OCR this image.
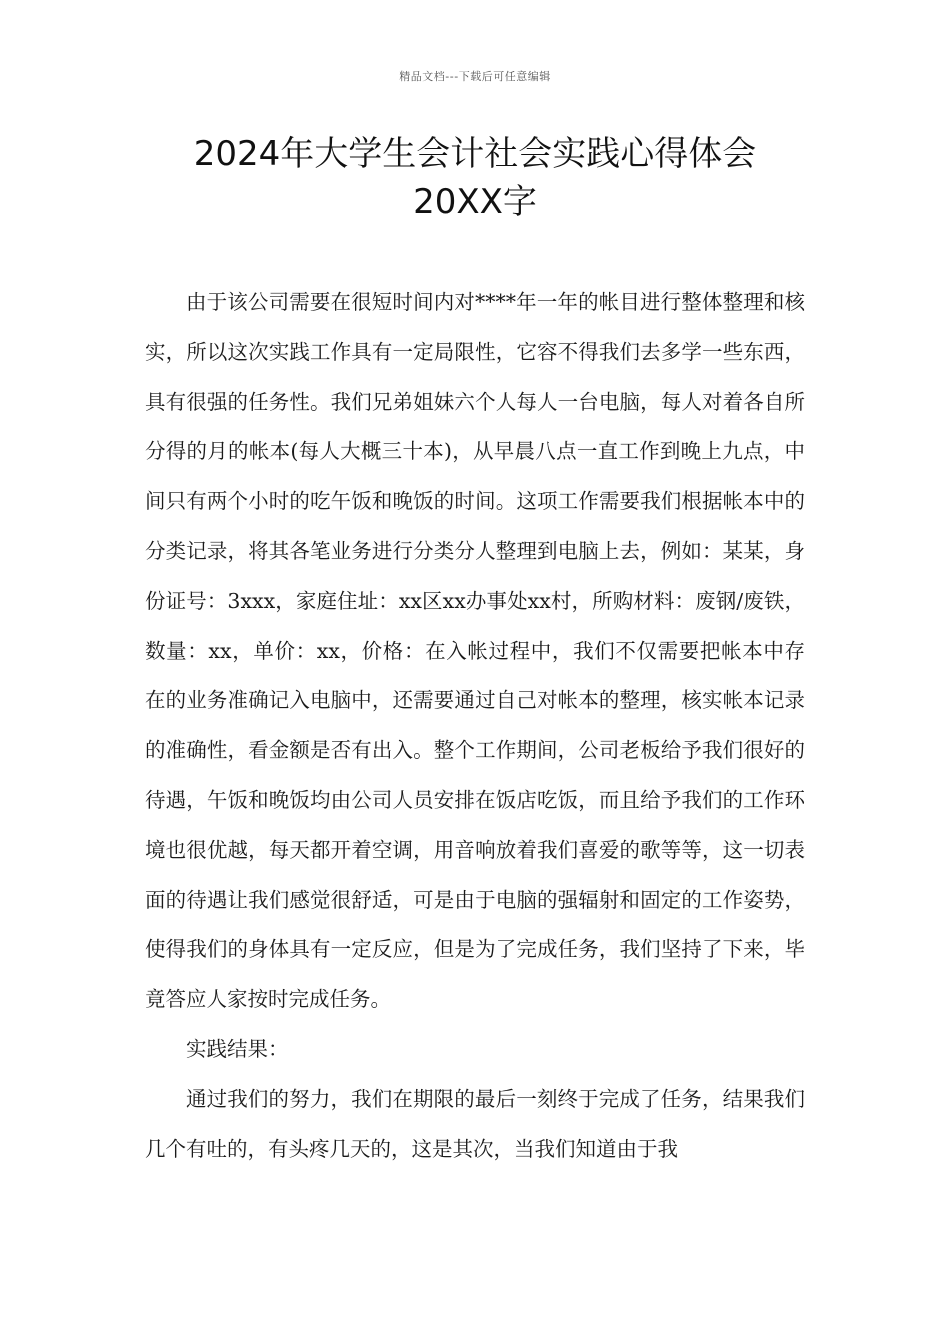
精品文档---下载后可任意编辑
2024年大学生会计社会实践心得体会
20XX字

由于该公司需要在很短时间内对****年一年的帐目进行整体整理和核实，所以这次实践工作具有一定局限性，它容不得我们去多学一些东西，具有很强的任务性。我们兄弟姐妹六个人每人一台电脑，每人对着各自所分得的月的帐本(每人大概三十本)，从早晨八点一直工作到晚上九点，中间只有两个小时的吃午饭和晚饭的时间。这项工作需要我们根据帐本中的分类记录，将其各笔业务进行分类分人整理到电脑上去，例如：某某，身份证号：3xxx，家庭住址：xx区xx办事处xx村，所购材料：废钢/废铁，数量：xx，单价：xx，价格：在入帐过程中，我们不仅需要把帐本中存在的业务准确记入电脑中，还需要通过自己对帐本的整理，核实帐本记录的准确性，看金额是否有出入。整个工作期间，公司老板给予我们很好的待遇，午饭和晚饭均由公司人员安排在饭店吃饭，而且给予我们的工作环境也很优越，每天都开着空调，用音响放着我们喜爱的歌等等，这一切表面的待遇让我们感觉很舒适，可是由于电脑的强辐射和固定的工作姿势，使得我们的身体具有一定反应，但是为了完成任务，我们坚持了下来，毕竟答应人家按时完成任务。

实践结果：

通过我们的努力，我们在期限的最后一刻终于完成了任务，结果我们几个有吐的，有头疼几天的，这是其次，当我们知道由于我
